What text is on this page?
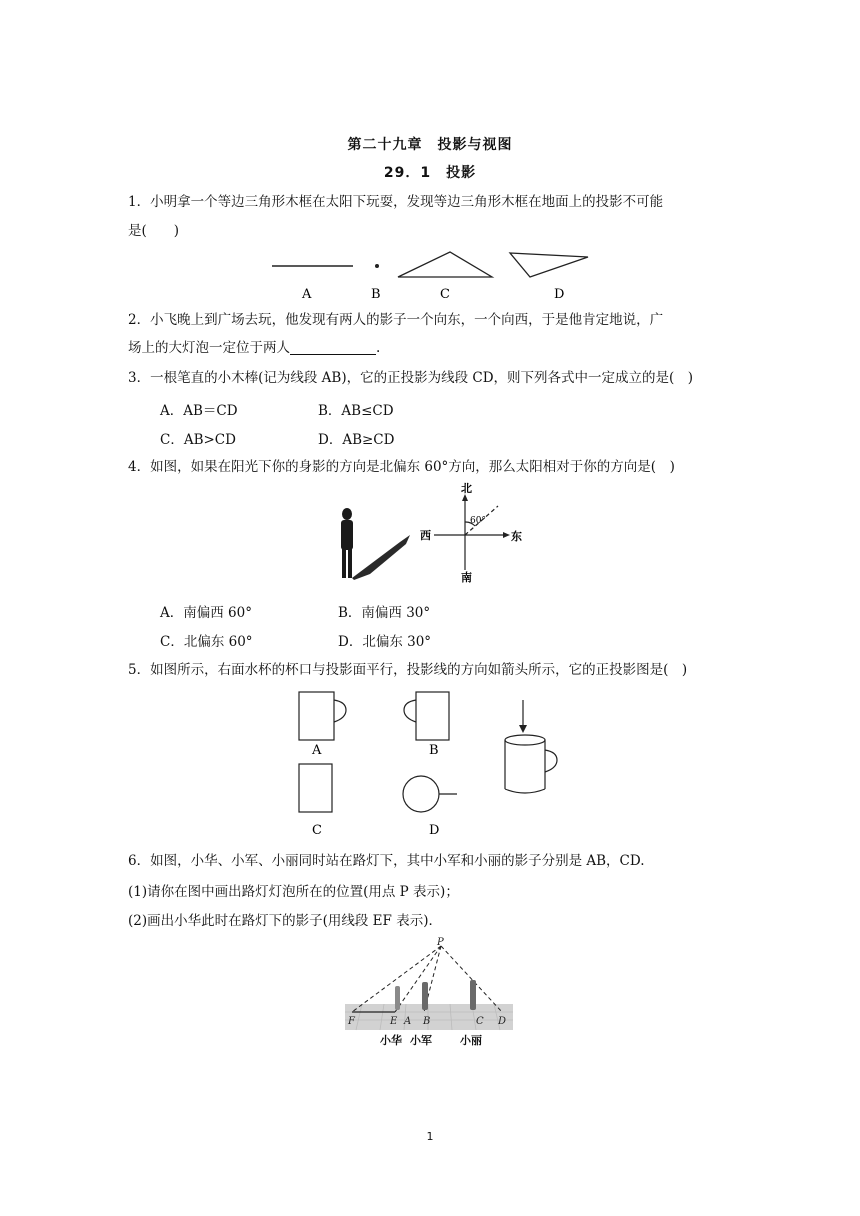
第二十九章　投影与视图
29．1　投影
1．小明拿一个等边三角形木框在太阳下玩耍，发现等边三角形木框在地面上的投影不可能
是(　　)
A	B	C	D
2．小飞晚上到广场去玩，他发现有两人的影子一个向东，一个向西，于是他肯定地说，广
场上的大灯泡一定位于两人	.
3．一根笔直的小木棒(记为线段 AB)，它的正投影为线段 CD，则下列各式中一定成立的是(　)
A．AB＝CD	B．AB≤CD
C．AB>CD	D．AB≥CD
4．如图，如果在阳光下你的身影的方向是北偏东 60°方向，那么太阳相对于你的方向是(　)
北
南
西	东
60°
A．南偏西 60°	B．南偏西 30°
C．北偏东 60°	D．北偏东 30°
5．如图所示，右面水杯的杯口与投影面平行，投影线的方向如箭头所示，它的正投影图是(　)
A	B
C	D
6．如图，小华、小军、小丽同时站在路灯下，其中小军和小丽的影子分别是 AB，CD.
(1)请你在图中画出路灯灯泡所在的位置(用点 P 表示)；
(2)画出小华此时在路灯下的影子(用线段 EF 表示)．
P
F	E A B	C D
小华 小军	小丽
1
